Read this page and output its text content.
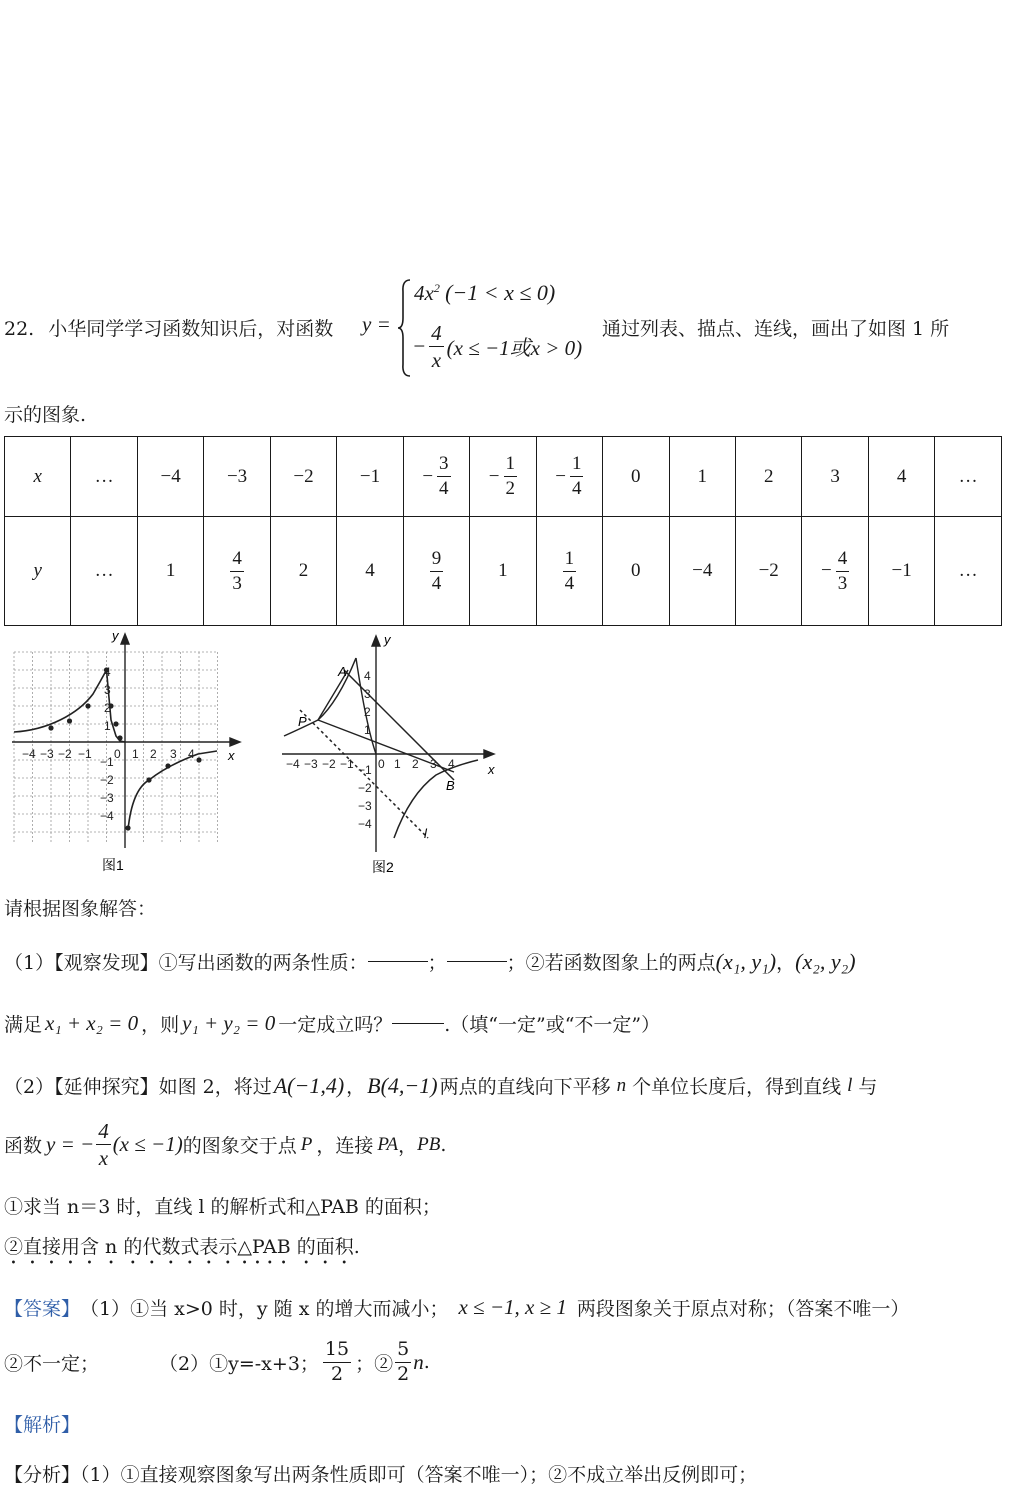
22. 小华同学学习函数知识后，对函数 y =
$4x^2$ (−1 < x ≤ 0)
− $\frac{4}{x} (x \le -1$或x > 0)
通过列表、描点、连线，画出了如图 1 所
示的图象.
x	…	−4	−3	−2	−1	− $\frac{3}{4}$	− $\frac{1}{2}$	− $\frac{1}{4}$	0	1	2	3	4	…
y	…	1	$\frac{4}{3}$	2	4	$\frac{9}{4}$	1	$\frac{1}{4}$	0	−4	−2	− $\frac{4}{3}$	−1	…
y
x
−4 −3 −2 −1 0 1 2 3 4
4
3
2
1
−1
−2
−3
−4
图1
A
B
P
l
y
x
−4 −3 −2 −1 0 1 2 3 4
4
3
2
1
−1
−2
−3
−4
图2
请根据图象解答：
（1）【观察发现】①写出函数的两条性质：	；	；②若函数图象上的两点 (x₁, y₁) ， (x₂, y₂)
满足 x₁ + x₂ = 0 ，则 y₁ + y₂ = 0 一定成立吗？	.（填“一定”或“不一定”）
（2）【延伸探究】如图 2，将过 A(−1,4) ， B(4,−1) 两点的直线向下平移 n 个单位长度后，得到直线 l 与
函数 y = − $\frac{4}{x} (x \le -1)$ 的图象交于点 P ，连接 PA ， PB .
①求当 n＝3 时，直线 l 的解析式和△PAB 的面积；
②直接用含 n 的代数式表示△PAB 的面积.
【答案】 （1）①当 x>0 时，y 随 x 的增大而减小； x ≤ −1, x ≥ 1 两段图象关于原点对称；（答案不唯一）
②不一定；	（2）①y=-x+3； $\frac{15}{2}$ ；② $\frac{5}{2}$ n .
【解析】
【分析】（1）①直接观察图象写出两条性质即可（答案不唯一）；②不成立举出反例即可；
